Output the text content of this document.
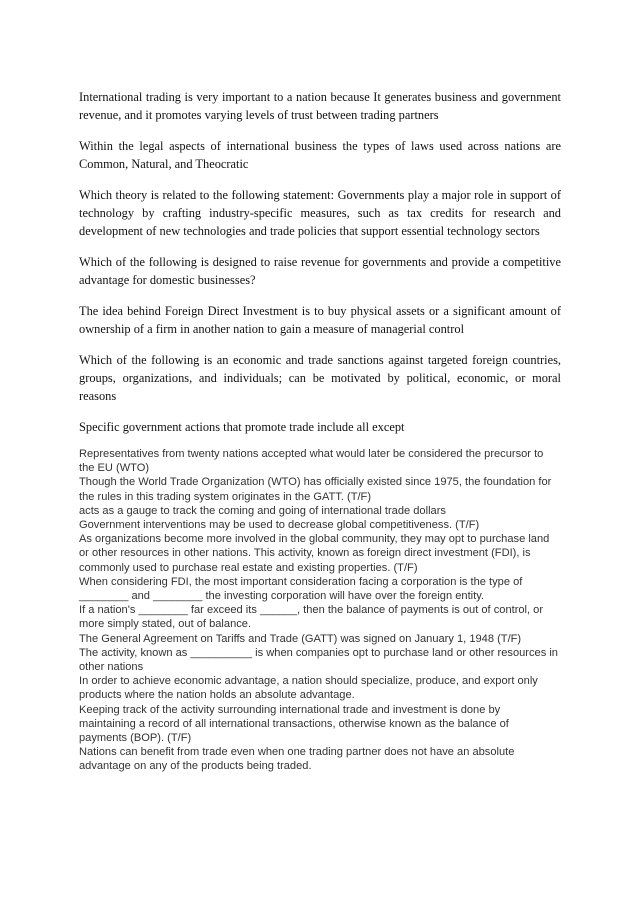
International trading is very important to a nation because It generates business and government revenue, and it promotes varying levels of trust between trading partners

Within the legal aspects of international business the types of laws used across nations are Common, Natural, and Theocratic

Which theory is related to the following statement: Governments play a major role in support of technology by crafting industry-specific measures, such as tax credits for research and development of new technologies and trade policies that support essential technology sectors

Which of the following is designed to raise revenue for governments and provide a competitive advantage for domestic businesses?

The idea behind Foreign Direct Investment is to buy physical assets or a significant amount of ownership of a firm in another nation to gain a measure of managerial control

Which of the following is an economic and trade sanctions against targeted foreign countries, groups, organizations, and individuals; can be motivated by political, economic, or moral reasons

Specific government actions that promote trade include all except

Representatives from twenty nations accepted what would later be considered the precursor to the EU (WTO)

Though the World Trade Organization (WTO) has officially existed since 1975, the foundation for the rules in this trading system originates in the GATT. (T/F)

acts as a gauge to track the coming and going of international trade dollars

Government interventions may be used to decrease global competitiveness. (T/F)

As organizations become more involved in the global community, they may opt to purchase land or other resources in other nations. This activity, known as foreign direct investment (FDI), is commonly used to purchase real estate and existing properties. (T/F)

When considering FDI, the most important consideration facing a corporation is the type of ________ and ________ the investing corporation will have over the foreign entity.

If a nation's ________ far exceed its ______, then the balance of payments is out of control, or more simply stated, out of balance.

The General Agreement on Tariffs and Trade (GATT) was signed on January 1, 1948 (T/F)

The activity, known as __________ is when companies opt to purchase land or other resources in other nations

In order to achieve economic advantage, a nation should specialize, produce, and export only products where the nation holds an absolute advantage.

Keeping track of the activity surrounding international trade and investment is done by maintaining a record of all international transactions, otherwise known as the balance of payments (BOP). (T/F)

Nations can benefit from trade even when one trading partner does not have an absolute advantage on any of the products being traded.
